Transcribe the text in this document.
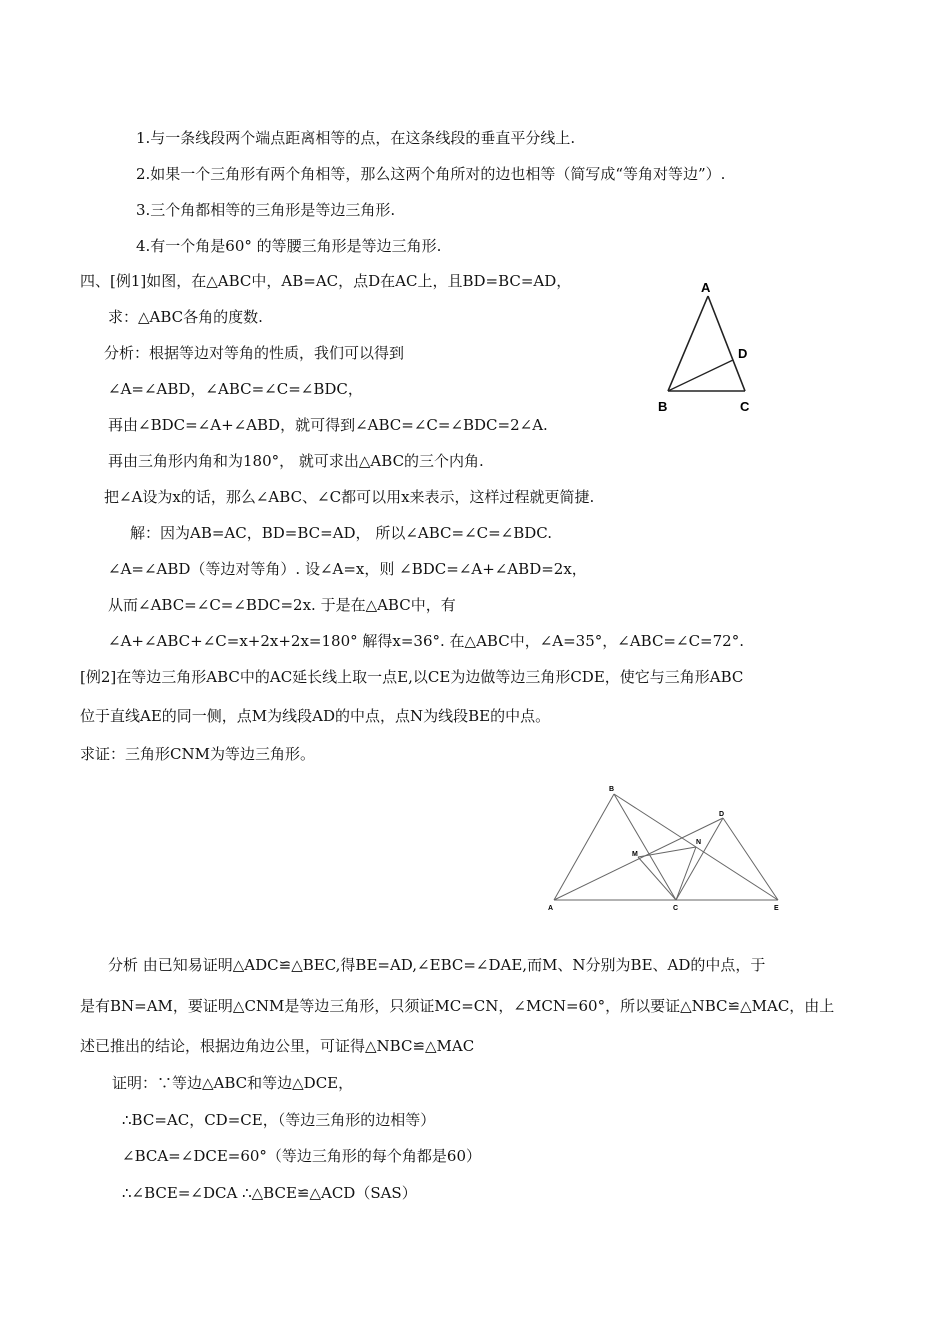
1.与一条线段两个端点距离相等的点，在这条线段的垂直平分线上.
2.如果一个三角形有两个角相等，那么这两个角所对的边也相等（简写成“等角对等边”）.
3.三个角都相等的三角形是等边三角形.
4.有一个角是60° 的等腰三角形是等边三角形.
四、[例1]如图，在△ABC中，AB=AC，点D在AC上，且BD=BC=AD，
求：△ABC各角的度数.
分析：根据等边对等角的性质，我们可以得到
∠A=∠ABD，∠ABC=∠C=∠BDC，
再由∠BDC=∠A+∠ABD，就可得到∠ABC=∠C=∠BDC=2∠A.
再由三角形内角和为180°， 就可求出△ABC的三个内角.
把∠A设为x的话，那么∠ABC、∠C都可以用x来表示，这样过程就更简捷.
解：因为AB=AC，BD=BC=AD， 所以∠ABC=∠C=∠BDC.
∠A=∠ABD（等边对等角）. 设∠A=x，则 ∠BDC=∠A+∠ABD=2x，
从而∠ABC=∠C=∠BDC=2x. 于是在△ABC中，有
∠A+∠ABC+∠C=x+2x+2x=180° 解得x=36°. 在△ABC中，∠A=35°，∠ABC=∠C=72°.
[例2]在等边三角形ABC中的AC延长线上取一点E,以CE为边做等边三角形CDE，使它与三角形ABC
位于直线AE的同一侧，点M为线段AD的中点，点N为线段BE的中点。
求证：三角形CNM为等边三角形。
分析 由已知易证明△ADC≌△BEC,得BE=AD,∠EBC=∠DAE,而M、N分别为BE、AD的中点，于
是有BN=AM，要证明△CNM是等边三角形，只须证MC=CN，∠MCN=60°，所以要证△NBC≌△MAC，由上
述已推出的结论，根据边角边公里，可证得△NBC≌△MAC
证明：∵等边△ABC和等边△DCE，
∴BC=AC，CD=CE，（等边三角形的边相等）
∠BCA=∠DCE=60°（等边三角形的每个角都是60）
∴∠BCE=∠DCA ∴△BCE≌△ACD（SAS）
A
B	C
D
A
B
C
D
E
M
N
